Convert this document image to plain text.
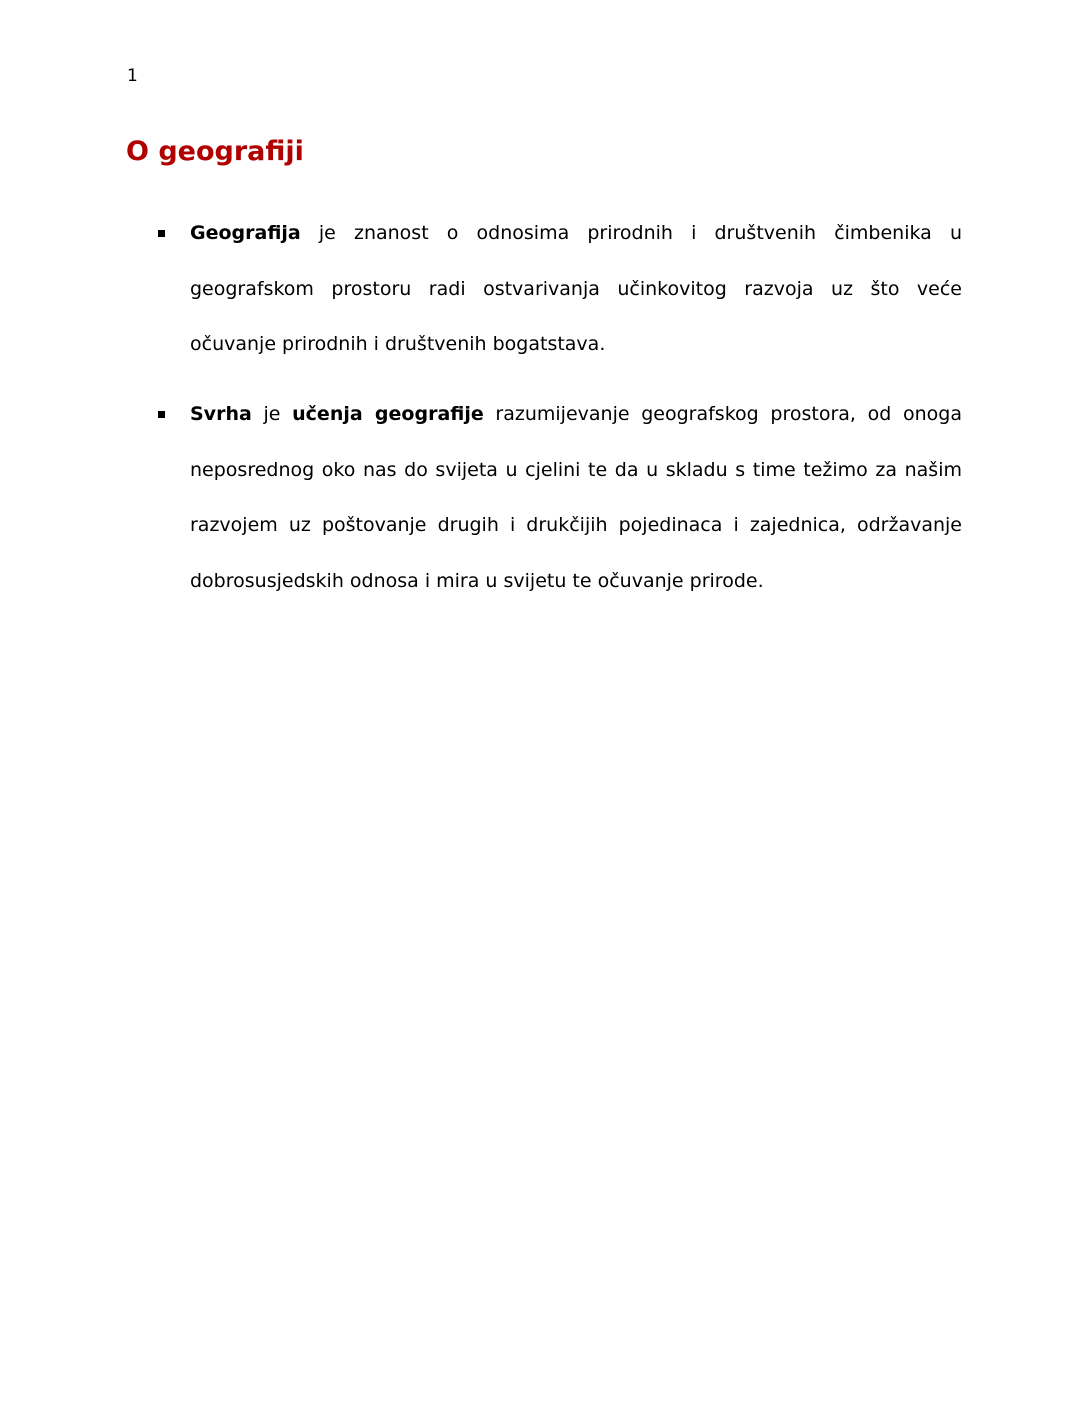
1
O geografiji

Geografija je znanost o odnosima prirodnih i društvenih čimbenika u geografskom prostoru radi ostvarivanja učinkovitog razvoja uz što veće očuvanje prirodnih i društvenih bogatstava.

Svrha je učenja geografije razumijevanje geografskog prostora, od onoga neposrednog oko nas do svijeta u cjelini te da u skladu s time težimo za našim razvojem uz poštovanje drugih i drukčijih pojedinaca i zajednica, održavanje dobrosusjedskih odnosa i mira u svijetu te očuvanje prirode.
